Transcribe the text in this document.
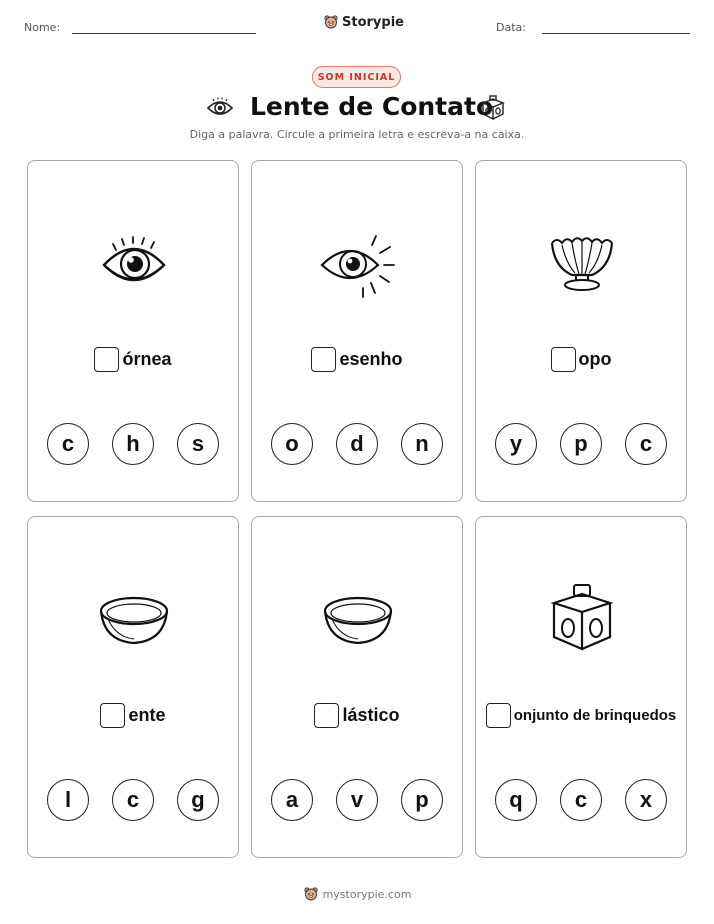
Nome:	Storypie	Data:
SOM INICIAL
Lente de Contato
Diga a palavra. Circule a primeira letra e escreva-a na caixa.
órnea
c	h	s
esenho
o	d	n
opo
y	p	c
ente
l	c	g
lástico
a	v	p
onjunto de brinquedos
q	c	x
mystorypie.com
